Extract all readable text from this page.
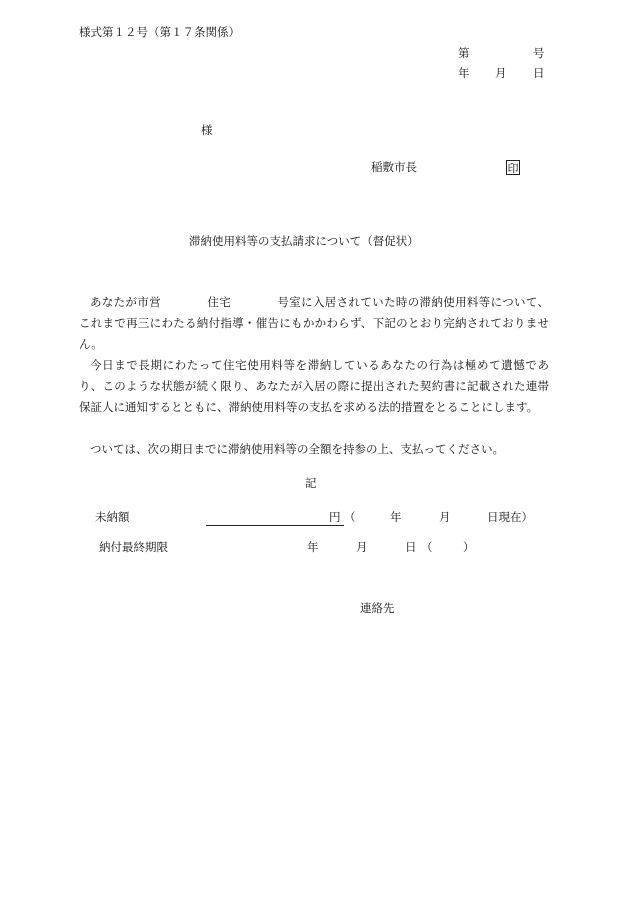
様式第１２号（第１７条関係）
第	号
年 月 日
様
稲敷市長	印
滞納使用料等の支払請求について（督促状）
あなたが市営	住宅	号室に入居されていた時の滞納使用料等について、これまで再三にわたる納付指導・催告にもかかわらず、下記のとおり完納されておりません。
今日まで長期にわたって住宅使用料等を滞納しているあなたの行為は極めて遺憾であり、このような状態が続く限り、あなたが入居の際に提出された契約書に記載された連帯保証人に通知するとともに、滞納使用料等の支払を求める法的措置をとることにします。
ついては、次の期日までに滞納使用料等の全額を持参の上、支払ってください。
記
未納額	円 （	年	月	日現在）
納付最終期限	年	月	日 （	）
連絡先
